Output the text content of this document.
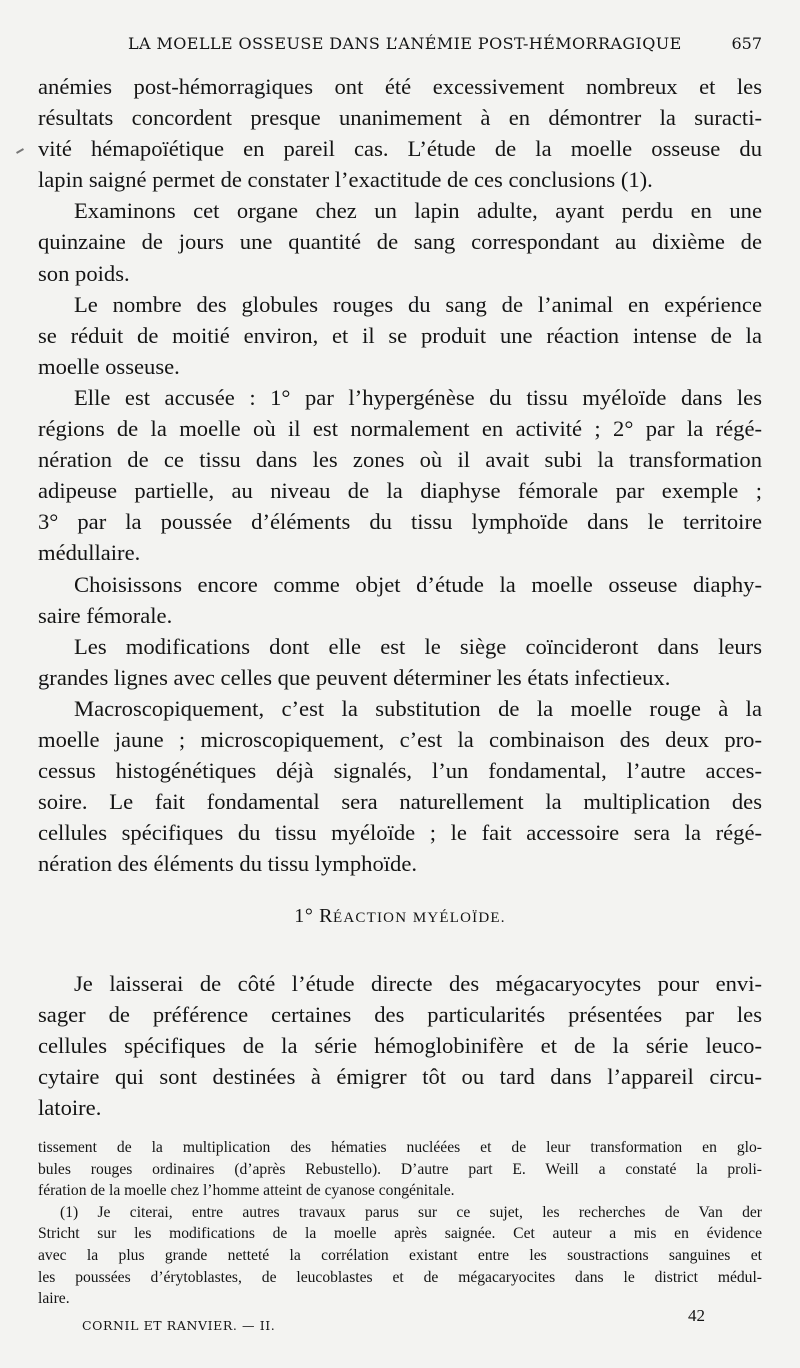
LA MOELLE OSSEUSE DANS L’ANÉMIE POST-HÉMORRAGIQUE	657
anémies post-hémorragiques ont été excessivement nombreux et les
résultats concordent presque unanimement à en démontrer la suracti-
vité hémapoïétique en pareil cas. L’étude de la moelle osseuse du
lapin saigné permet de constater l’exactitude de ces conclusions (1).
Examinons cet organe chez un lapin adulte, ayant perdu en une
quinzaine de jours une quantité de sang correspondant au dixième de
son poids.
Le nombre des globules rouges du sang de l’animal en expérience
se réduit de moitié environ, et il se produit une réaction intense de la
moelle osseuse.
Elle est accusée : 1° par l’hypergénèse du tissu myéloïde dans les
régions de la moelle où il est normalement en activité ; 2° par la régé-
nération de ce tissu dans les zones où il avait subi la transformation
adipeuse partielle, au niveau de la diaphyse fémorale par exemple ;
3° par la poussée d’éléments du tissu lymphoïde dans le territoire
médullaire.
Choisissons encore comme objet d’étude la moelle osseuse diaphy-
saire fémorale.
Les modifications dont elle est le siège coïncideront dans leurs
grandes lignes avec celles que peuvent déterminer les états infectieux.
Macroscopiquement, c’est la substitution de la moelle rouge à la
moelle jaune ; microscopiquement, c’est la combinaison des deux pro-
cessus histogénétiques déjà signalés, l’un fondamental, l’autre acces-
soire. Le fait fondamental sera naturellement la multiplication des
cellules spécifiques du tissu myéloïde ; le fait accessoire sera la régé-
nération des éléments du tissu lymphoïde.
1° RÉACTION MYÉLOÏDE.
Je laisserai de côté l’étude directe des mégacaryocytes pour envi-
sager de préférence certaines des particularités présentées par les
cellules spécifiques de la série hémoglobinifère et de la série leuco-
cytaire qui sont destinées à émigrer tôt ou tard dans l’appareil circu-
latoire.
tissement de la multiplication des hématies nucléées et de leur transformation en glo-
bules rouges ordinaires (d’après Rebustello). D’autre part E. Weill a constaté la proli-
fération de la moelle chez l’homme atteint de cyanose congénitale.
(1) Je citerai, entre autres travaux parus sur ce sujet, les recherches de Van der
Stricht sur les modifications de la moelle après saignée. Cet auteur a mis en évidence
avec la plus grande netteté la corrélation existant entre les soustractions sanguines et
les poussées d’érytoblastes, de leucoblastes et de mégacaryocites dans le district médul-
laire.
CORNIL ET RANVIER. — II.
42
